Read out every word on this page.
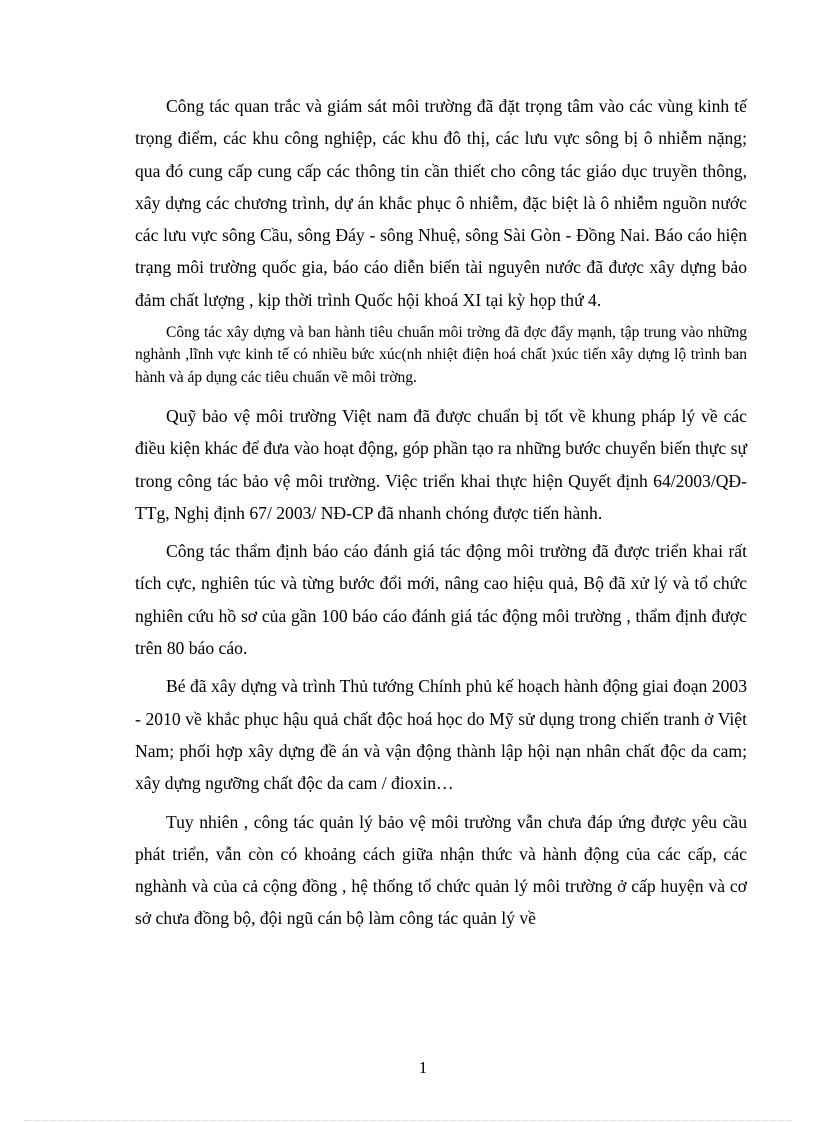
Công tác quan trắc và giám sát môi trường đã đặt trọng tâm vào các vùng kinh tế trọng điểm, các khu công nghiệp, các khu đô thị, các lưu vực sông bị ô nhiễm nặng; qua đó cung cấp cung cấp các thông tin cần thiết cho công tác giáo dục truyền thông, xây dựng các chương trình, dự án khắc phục ô nhiễm, đặc biệt là ô nhiễm nguồn nước các lưu vực sông Cầu, sông Đáy - sông Nhuệ, sông Sài Gòn - Đồng Nai. Báo cáo hiện trạng môi trường quốc gia, báo cáo diễn biến tài nguyên nước đã được xây dựng bảo đảm chất lượng , kịp thời trình Quốc hội khoá XI tại kỳ họp thứ 4.

Công tác xây dựng và ban hành tiêu chuẩn môi trờng đã đợc đẩy mạnh, tập trung vào những nghành ,lĩnh vực kinh tế có nhiều bức xúc(nh nhiệt điện hoá chất )xúc tiến xây dựng lộ trình ban hành và áp dụng các tiêu chuẩn về môi trờng.

Quỹ bảo vệ môi trường Việt nam đã được chuẩn bị tốt về khung pháp lý về các điều kiện khác để đưa vào hoạt động, góp phần tạo ra những bước chuyển biến thực sự trong công tác bảo vệ môi trường. Việc triển khai thực hiện Quyết định 64/2003/QĐ-TTg, Nghị định 67/ 2003/ NĐ-CP đã nhanh chóng được tiến hành.

Công tác thẩm định báo cáo đánh giá tác động môi trường đã được triển khai rất tích cực, nghiên túc và từng bước đổi mới, nâng cao hiệu quả, Bộ đã xử lý và tổ chức nghiên cứu hồ sơ của gần 100 báo cáo đánh giá tác động môi trường , thẩm định được trên 80 báo cáo.

Bé đã xây dựng và trình Thủ tướng Chính phủ kế hoạch hành động giai đoạn 2003 - 2010 về khắc phục hậu quả chất độc hoá học do Mỹ sử dụng trong chiến tranh ở Việt Nam; phối hợp xây dựng đề án và vận động thành lập hội nạn nhân chất độc da cam; xây dựng ngưỡng chất độc da cam / đioxin…

Tuy nhiên , công tác quản lý bảo vệ môi trường vẫn chưa đáp ứng được yêu cầu phát triển, vẫn còn có khoảng cách giữa nhận thức và hành động của các cấp, các nghành và của cả cộng đồng , hệ thống tổ chức quản lý môi trường ở cấp huyện và cơ sở chưa đồng bộ, đội ngũ cán bộ làm công tác quản lý về

1
